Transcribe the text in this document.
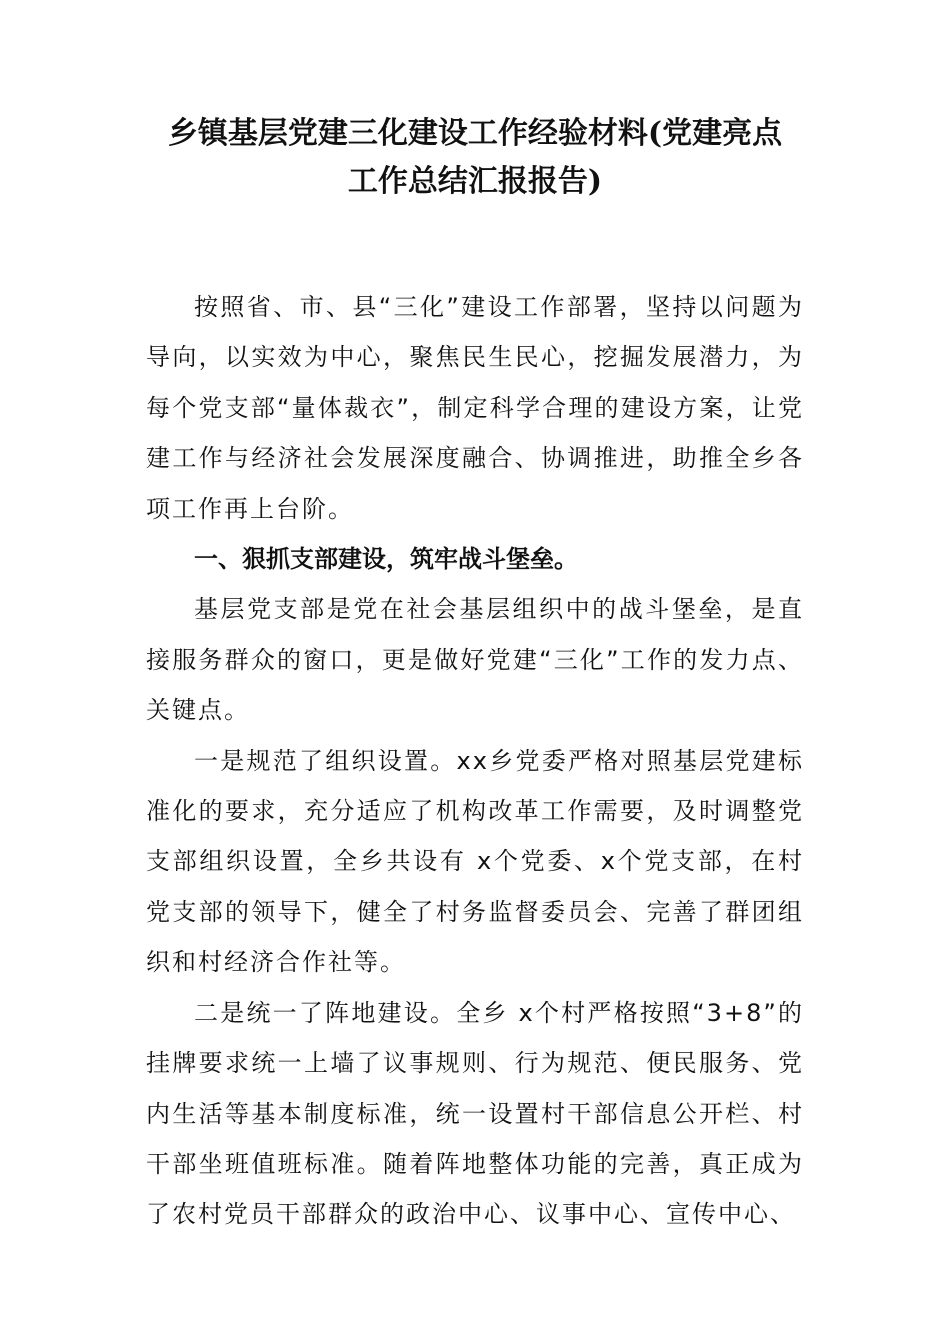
乡镇基层党建三化建设工作经验材料(党建亮点
工作总结汇报报告)

按照省、市、县“三化”建设工作部署，坚持以问题为导向，以实效为中心，聚焦民生民心，挖掘发展潜力，为每个党支部“量体裁衣”，制定科学合理的建设方案，让党建工作与经济社会发展深度融合、协调推进，助推全乡各项工作再上台阶。

一、狠抓支部建设，筑牢战斗堡垒。

基层党支部是党在社会基层组织中的战斗堡垒，是直接服务群众的窗口，更是做好党建“三化”工作的发力点、关键点。

一是规范了组织设置。xx乡党委严格对照基层党建标准化的要求，充分适应了机构改革工作需要，及时调整党支部组织设置，全乡共设有 x个党委、x个党支部，在村党支部的领导下，健全了村务监督委员会、完善了群团组织和村经济合作社等。

二是统一了阵地建设。全乡 x个村严格按照“3+8”的挂牌要求统一上墙了议事规则、行为规范、便民服务、党内生活等基本制度标准，统一设置村干部信息公开栏、村干部坐班值班标准。随着阵地整体功能的完善，真正成为了农村党员干部群众的政治中心、议事中心、宣传中心、
